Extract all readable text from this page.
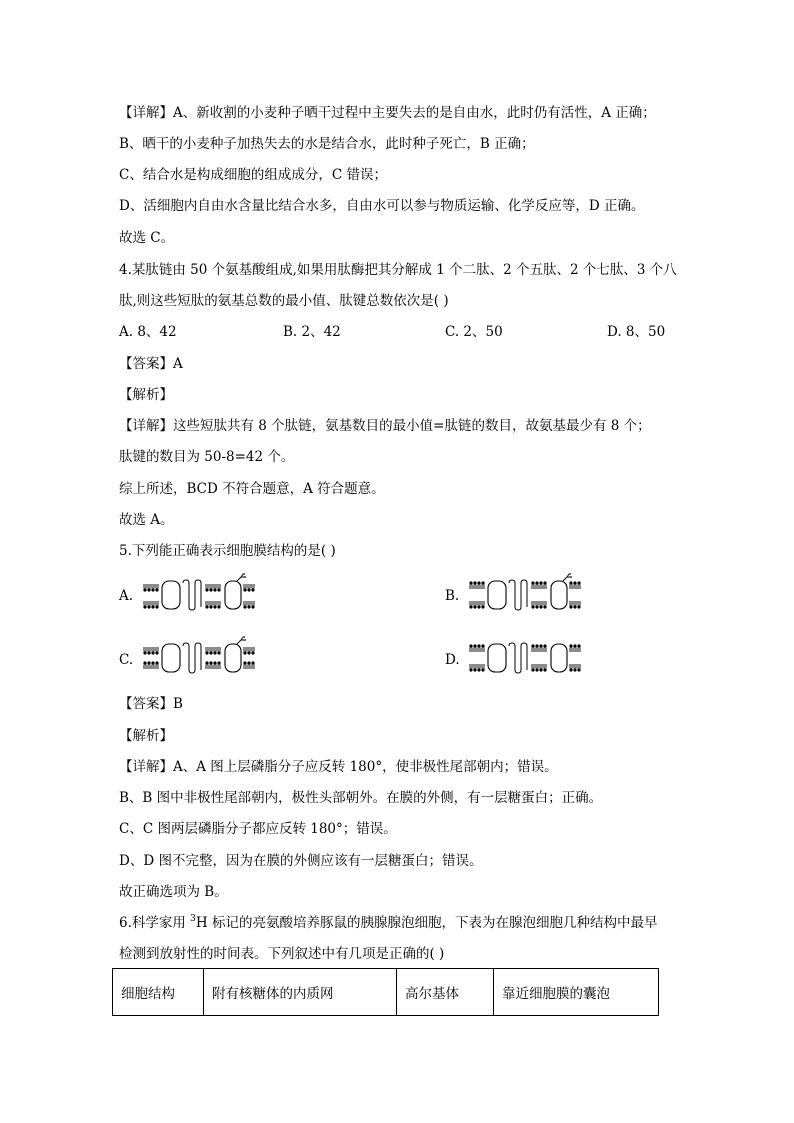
【详解】A、新收割的小麦种子晒干过程中主要失去的是自由水，此时仍有活性，A 正确；
B、晒干的小麦种子加热失去的水是结合水，此时种子死亡，B 正确；
C、结合水是构成细胞的组成成分，C 错误；
D、活细胞内自由水含量比结合水多，自由水可以参与物质运输、化学反应等，D 正确。
故选 C。
4.某肽链由 50 个氨基酸组成,如果用肽酶把其分解成 1 个二肽、2 个五肽、2 个七肽、3 个八
肽,则这些短肽的氨基总数的最小值、肽键总数依次是( )
A. 8、42	B. 2、42	C. 2、50	D. 8、50
【答案】A
【解析】
【详解】这些短肽共有 8 个肽链，氨基数目的最小值=肽链的数目，故氨基最少有 8 个；
肽键的数目为 50-8=42 个。
综上所述，BCD 不符合题意，A 符合题意。
故选 A。
5.下列能正确表示细胞膜结构的是( )
A.	B.
C.	D.
【答案】B
【解析】
【详解】A、A 图上层磷脂分子应反转 180°，使非极性尾部朝内；错误。
B、B 图中非极性尾部朝内，极性头部朝外。在膜的外侧，有一层糖蛋白；正确。
C、C 图两层磷脂分子都应反转 180°；错误。
D、D 图不完整，因为在膜的外侧应该有一层糖蛋白；错误。
故正确选项为 B。
6.科学家用 $^3$H 标记的亮氨酸培养豚鼠的胰腺腺泡细胞，下表为在腺泡细胞几种结构中最早
检测到放射性的时间表。下列叙述中有几项是正确的( )
细胞结构	附有核糖体的内质网	高尔基体	靠近细胞膜的囊泡
